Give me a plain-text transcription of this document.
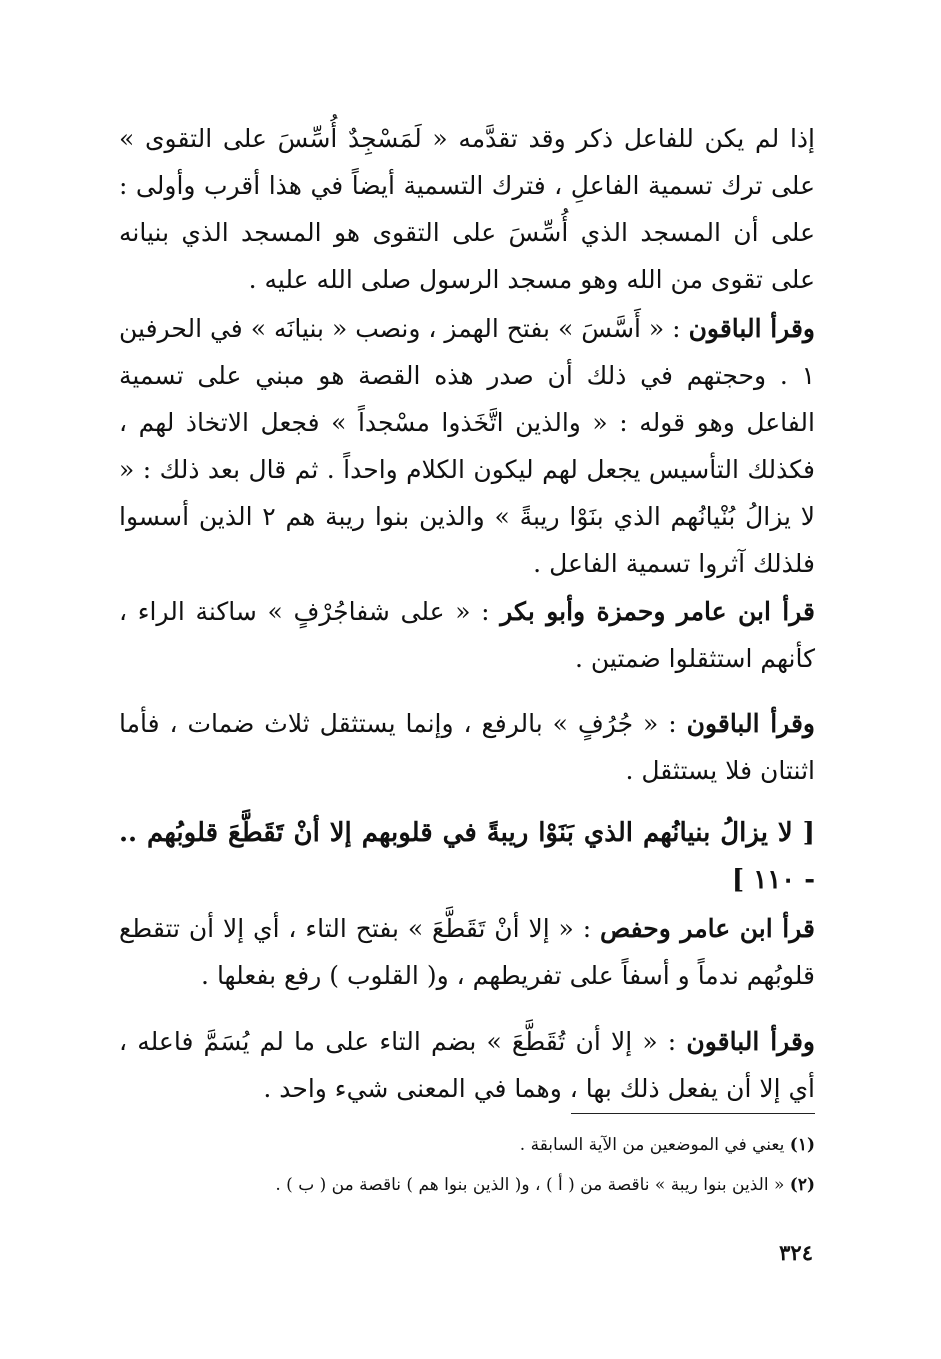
إذا لم يكن للفاعل ذكر وقد تقدَّمه « لَمَسْجِدٌ أُسِّسَ على التقوى » على ترك تسمية الفاعلِ ، فترك التسمية أيضاً في هذا أقرب وأولى : على أن المسجد الذي أُسِّسَ على التقوى هو المسجد الذي بنيانه على تقوى من الله وهو مسجد الرسول صلى الله عليه .

وقرأ الباقون : « أَسَّسَ » بفتح الهمز ، ونصب « بنيانَه » في الحرفين ١ . وحجتهم في ذلك أن صدر هذه القصة هو مبني على تسمية الفاعل وهو قوله : « والذين اتَّخَذوا مسْجداً » فجعل الاتخاذ لهم ، فكذلك التأسيس يجعل لهم ليكون الكلام واحداً . ثم قال بعد ذلك : « لا يزالُ بُنْيانُهم الذي بنَوْا ريبةً » والذين بنوا ريبة هم ٢ الذين أسسوا فلذلك آثروا تسمية الفاعل .

قرأ ابن عامر وحمزة وأبو بكر : « على شفاجُرْفٍ » ساكنة الراء ، كأنهم استثقلوا ضمتين .

وقرأ الباقون : « جُرُفٍ » بالرفع ، وإنما يستثقل ثلاث ضمات ، فأما اثنتان فلا يستثقل .

[ لا يزالُ بنيانُهم الذي بَنَوْا ريبةً في قلوبهم إلا أنْ تَقَطَّعَ قلوبُهم .. - ١١٠ ]

قرأ ابن عامر وحفص : « إلا أنْ تَقَطَّعَ » بفتح التاء ، أي إلا أن تتقطع قلوبُهم ندماً و أسفاً على تفريطهم ، و( القلوب ) رفع بفعلها .

وقرأ الباقون : « إلا أن تُقَطَّعَ » بضم التاء على ما لم يُسَمَّ فاعله ، أي إلا أن يفعل ذلك بها ، وهما في المعنى شيء واحد .

(١) يعني في الموضعين من الآية السابقة .

(٢) « الذين بنوا ريبة » ناقصة من ( أ ) ، و( الذين بنوا هم ) ناقصة من ( ب ) .

٣٢٤
